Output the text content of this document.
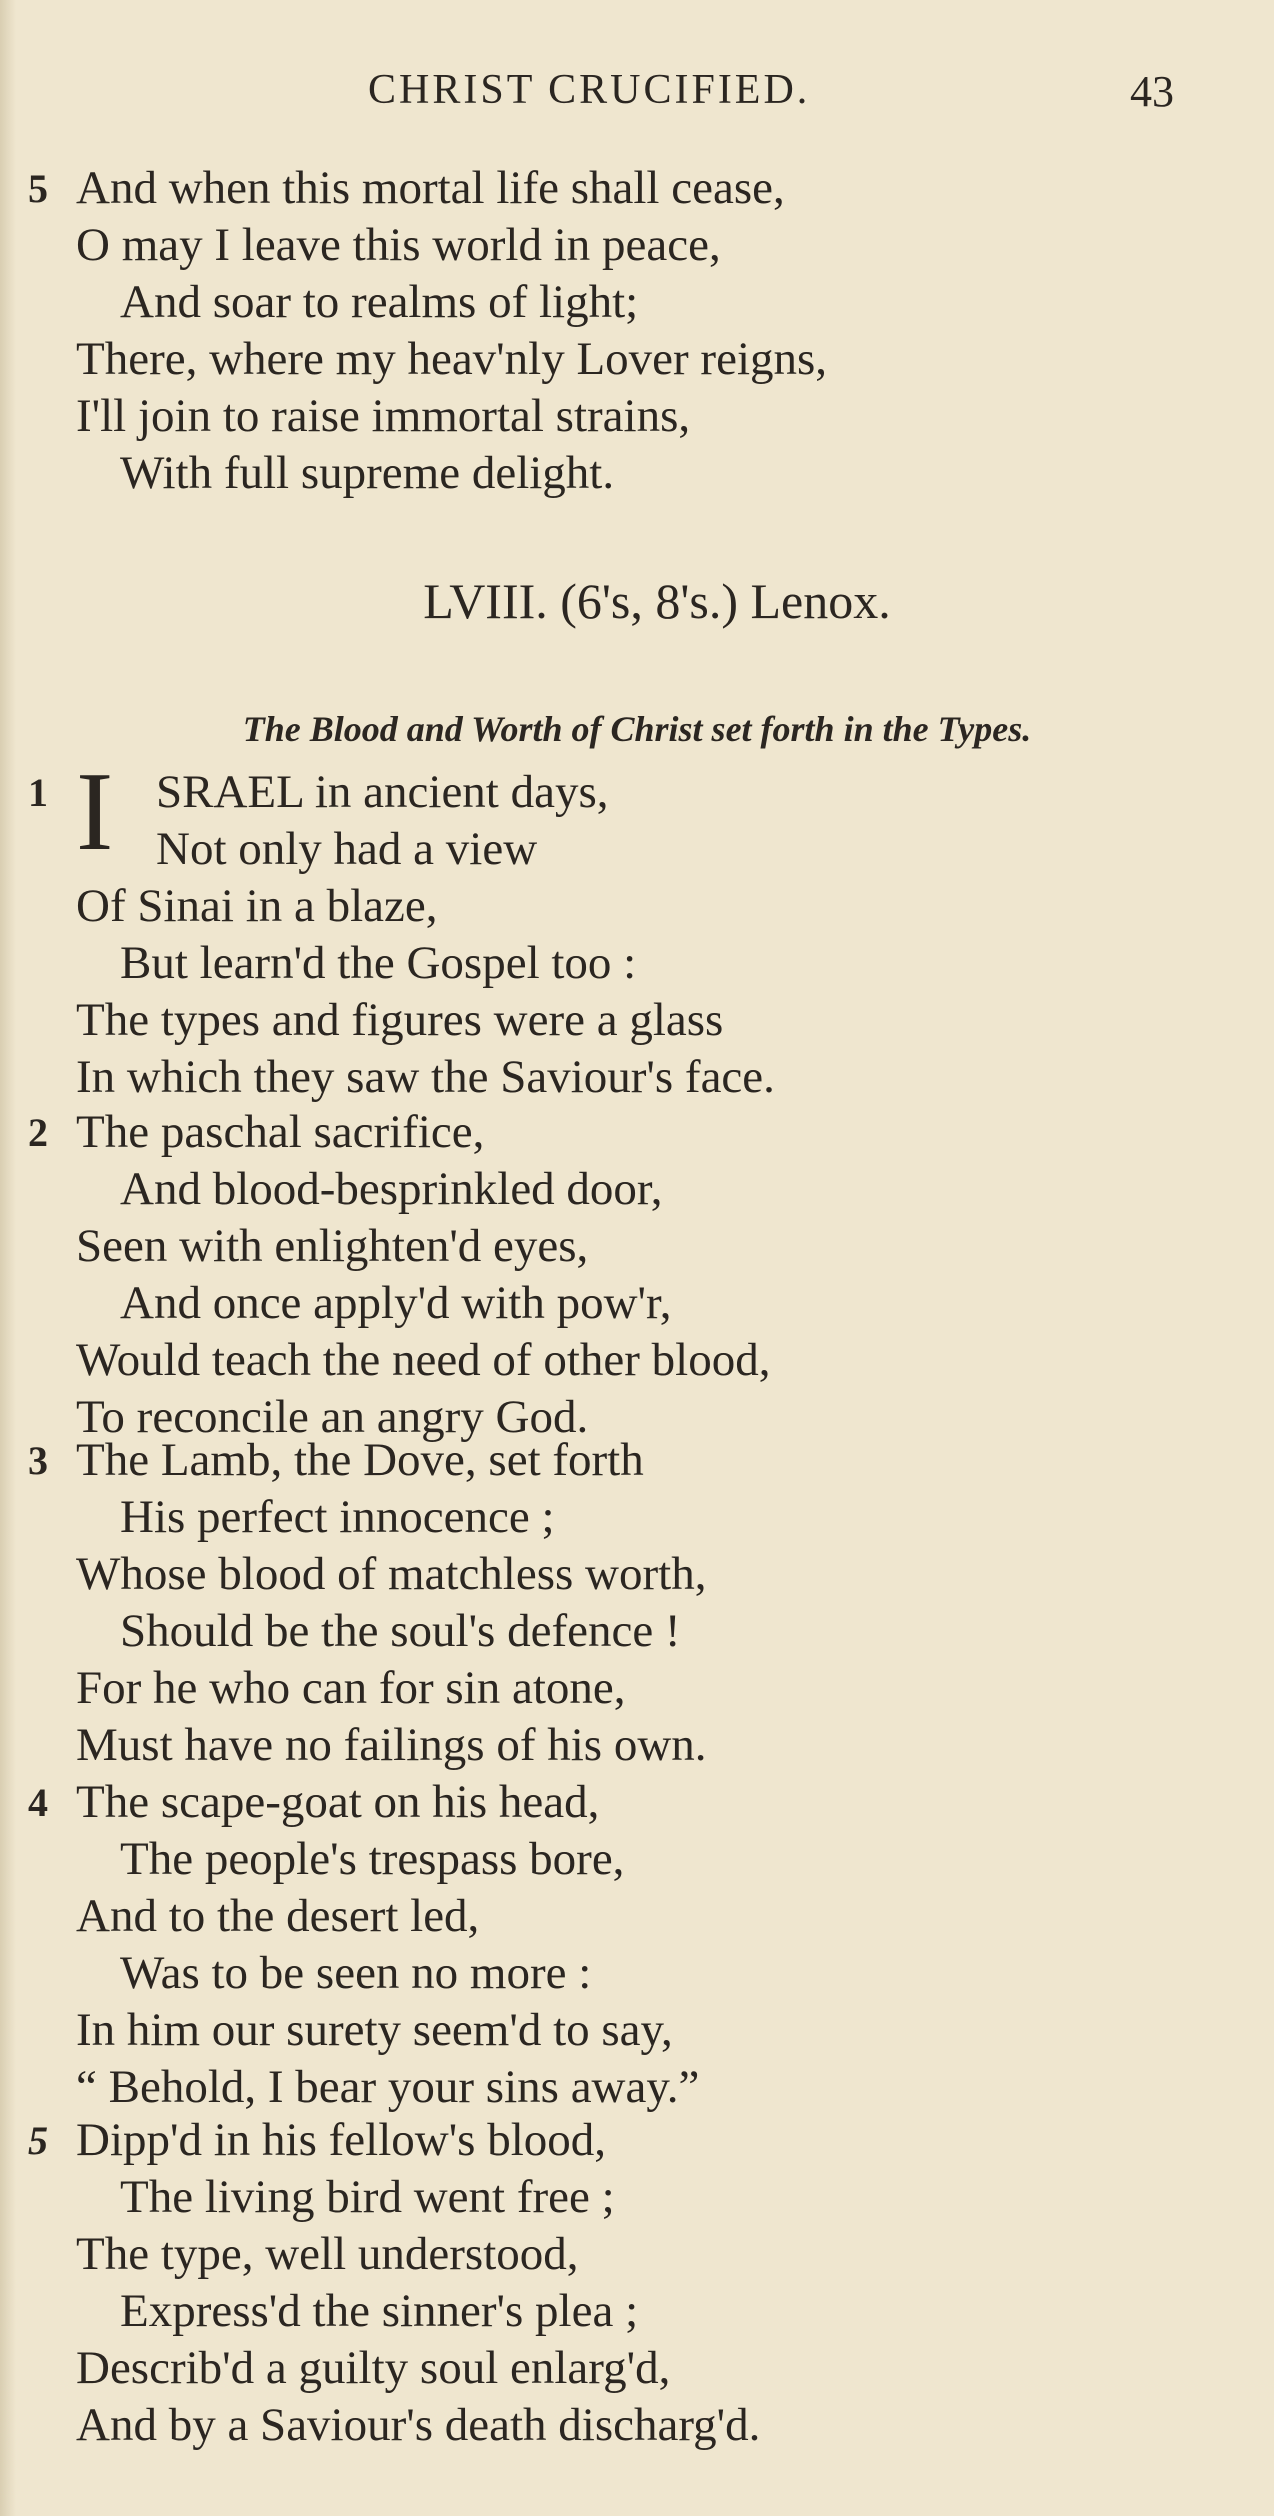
CHRIST CRUCIFIED.	43
5 And when this mortal life shall cease,
O may I leave this world in peace,
And soar to realms of light;
There, where my heav'nly Lover reigns,
I'll join to raise immortal strains,
With full supreme delight.
LVIII. (6's, 8's.) Lenox.
The Blood and Worth of Christ set forth in the Types.
1 I SRAEL in ancient days,
Not only had a view
Of Sinai in a blaze,
But learn'd the Gospel too :
The types and figures were a glass
In which they saw the Saviour's face.
2 The paschal sacrifice,
And blood-besprinkled door,
Seen with enlighten'd eyes,
And once apply'd with pow'r,
Would teach the need of other blood,
To reconcile an angry God.
3 The Lamb, the Dove, set forth
His perfect innocence ;
Whose blood of matchless worth,
Should be the soul's defence !
For he who can for sin atone,
Must have no failings of his own.
4 The scape-goat on his head,
The people's trespass bore,
And to the desert led,
Was to be seen no more :
In him our surety seem'd to say,
“ Behold, I bear your sins away.”
5 Dipp'd in his fellow's blood,
The living bird went free ;
The type, well understood,
Express'd the sinner's plea ;
Describ'd a guilty soul enlarg'd,
And by a Saviour's death discharg'd.
